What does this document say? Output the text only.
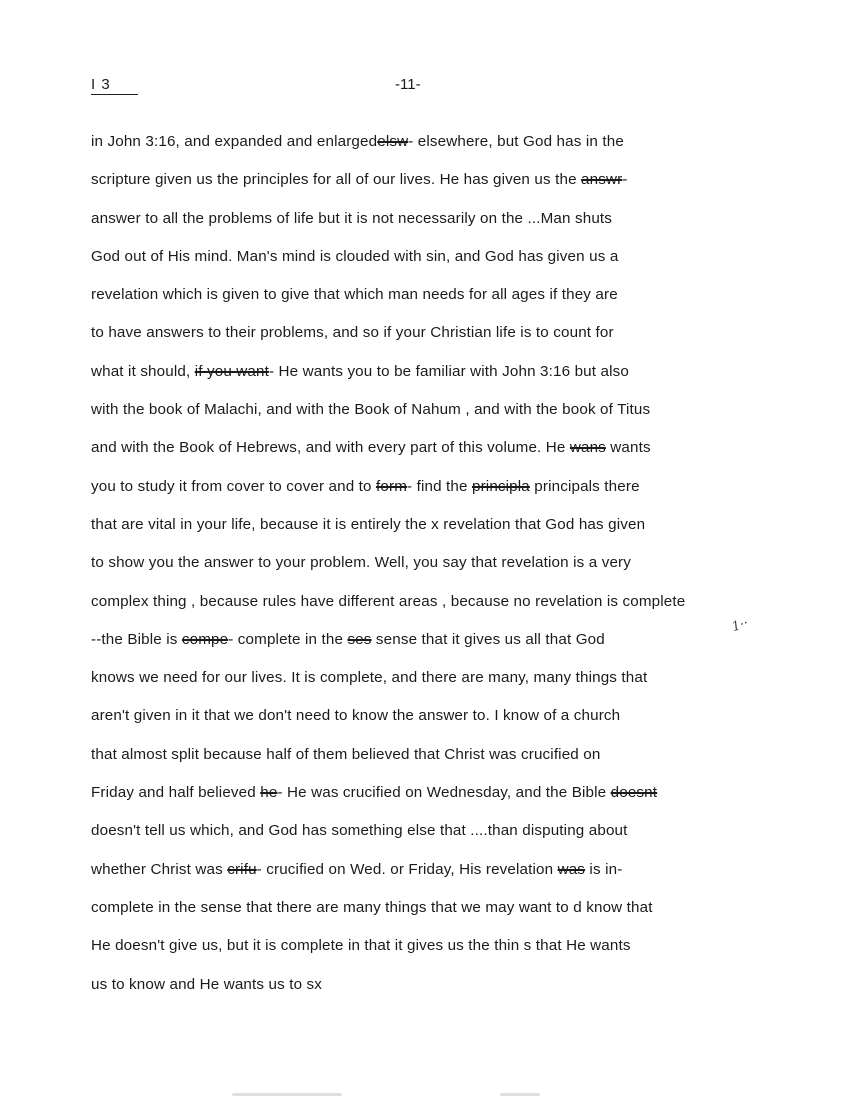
I 3	-11-
in John 3:16, and expanded and enlargedelsw- elsewhere, but God has in the
scripture given us the principles for all of our lives. He has given us the answr-
answer to all the problems of life but it is not necessarily on the ...Man shuts
God out of His mind. Man's mind is clouded with sin, and God has given us a
revelation which is given to give that which man needs for all ages if they are
to have answers to their problems, and so if your Christian life is to count for
what it should, if you want- He wants you to be familiar with John 3:16 but also
with the book of Malachi, and with the Book of Nahum , and with the book of Titus
and with the Book of Hebrews, and with every part of this volume. He wans wants
you to study it from cover to cover and to form- find the principla principals there
that are vital in your life, because it is entirely the x revelation that God has given
to show you the answer to your problem. Well, you say that revelation is a very
complex thing , because rules have different areas , because no revelation is complete
--the Bible is compe- complete in the ses sense that it gives us all that God
knows we need for our lives. It is complete, and there are many, many things that
aren't given in it that we don't need to know the answer to. I know of a church
that almost split because half of them believed that Christ was crucified on
Friday and half believed he- He was crucified on Wednesday, and the Bible doesnt
doesn't tell us which, and God has something else that ....than disputing about
whether Christ was crifu- crucified on Wed. or Friday, His revelation was is in-
complete in the sense that there are many things that we may want to d know that
He doesn't give us, but it is complete in that it gives us the thin s that He wants
us to know and He wants us to sx
1··
